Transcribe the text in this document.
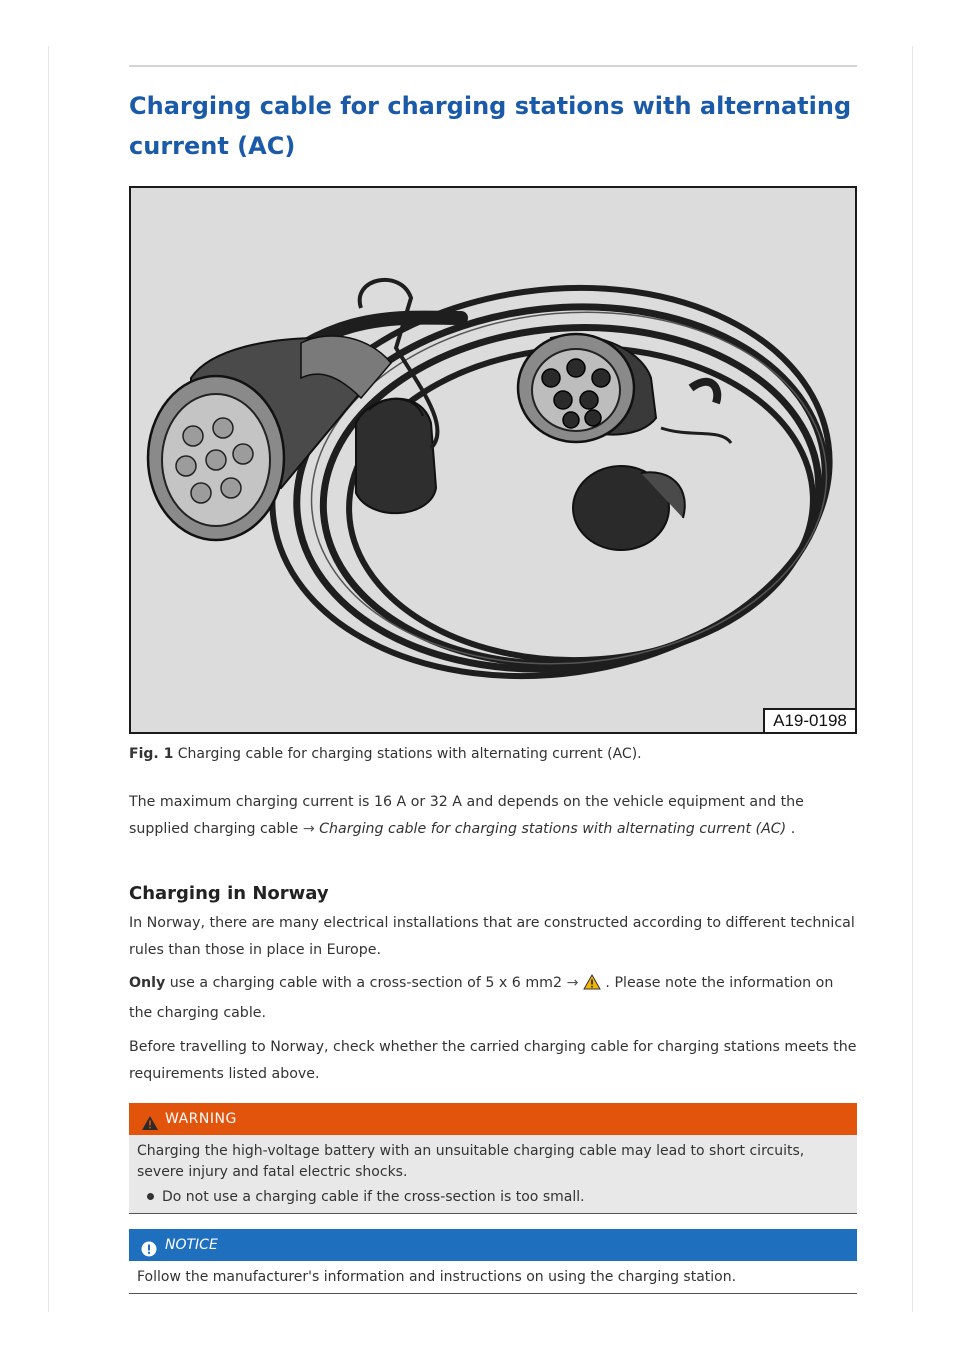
Charging cable for charging stations with alternating current (AC)
A19-0198
Fig. 1 Charging cable for charging stations with alternating current (AC).

The maximum charging current is 16 A or 32 A and depends on the vehicle equipment and the supplied charging cable → Charging cable for charging stations with alternating current (AC) .

Charging in Norway

In Norway, there are many electrical installations that are constructed according to different technical rules than those in place in Europe.

Only use a charging cable with a cross-section of 5 x 6 mm2 → . Please note the information on the charging cable.

Before travelling to Norway, check whether the carried charging cable for charging stations meets the requirements listed above.

WARNING
Charging the high-voltage battery with an unsuitable charging cable may lead to short circuits, severe injury and fatal electric shocks.
Do not use a charging cable if the cross-section is too small.
NOTICE
Follow the manufacturer's information and instructions on using the charging station.
